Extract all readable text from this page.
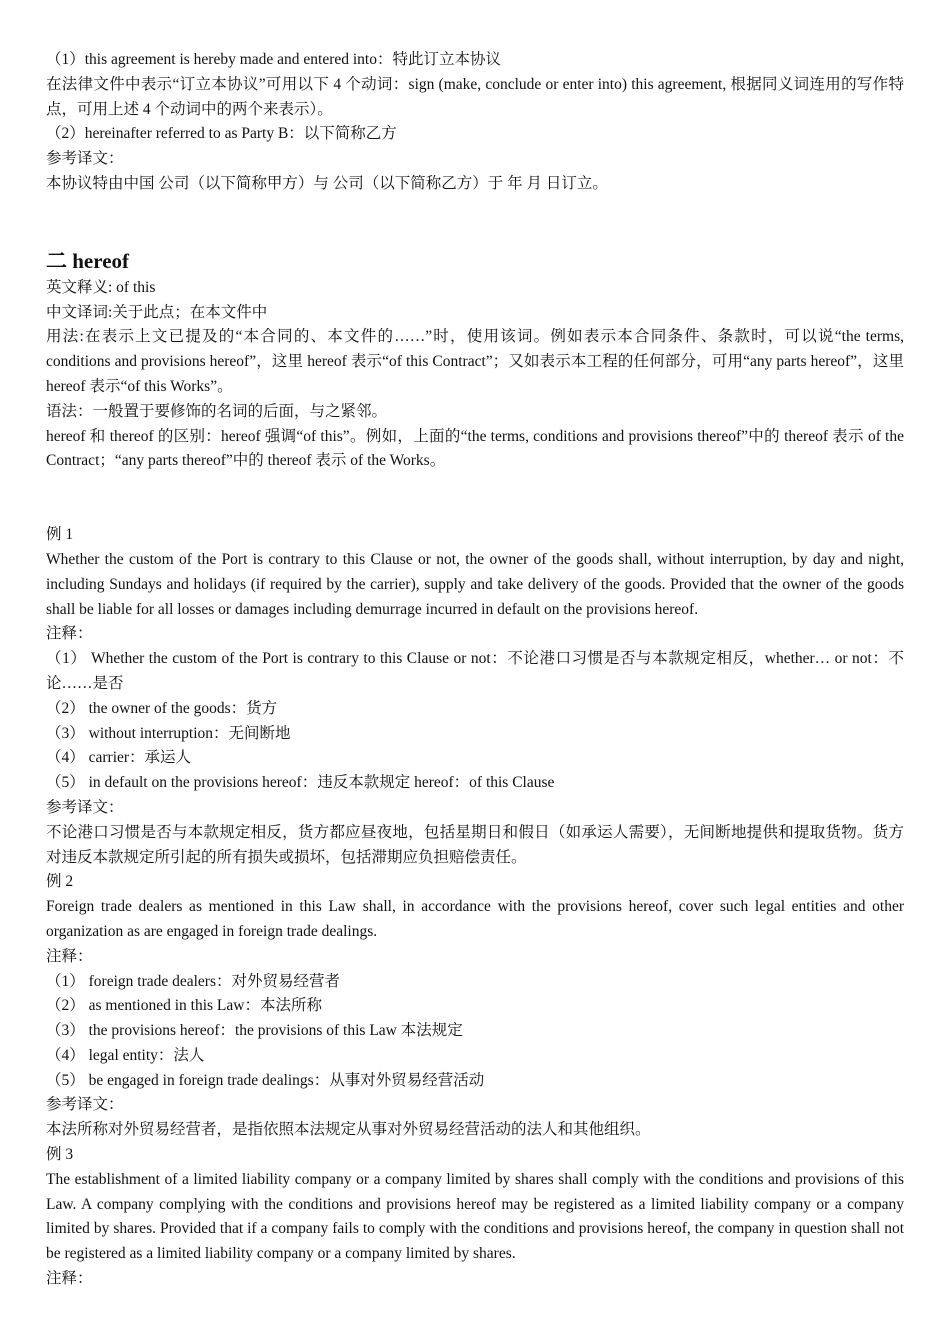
（1）this agreement is hereby made and entered into：特此订立本协议

在法律文件中表示“订立本协议”可用以下 4 个动词：sign (make, conclude or enter into) this agreement, 根据同义词连用的写作特点，可用上述 4 个动词中的两个来表示）。

（2）hereinafter referred to as Party B：以下简称乙方

参考译文：

本协议特由中国 公司（以下简称甲方）与 公司（以下简称乙方）于 年 月 日订立。

二 hereof

英文释义: of this

中文译词:关于此点；在本文件中

用法:在表示上文已提及的“本合同的、本文件的……”时，使用该词。例如表示本合同条件、条款时，可以说“the terms, conditions and provisions hereof”，这里 hereof 表示“of this Contract”；又如表示本工程的任何部分，可用“any parts hereof”，这里 hereof 表示“of this Works”。

语法：一般置于要修饰的名词的后面，与之紧邻。

hereof 和 thereof 的区别：hereof 强调“of this”。例如，上面的“the terms, conditions and provisions thereof”中的 thereof 表示 of the Contract；“any parts thereof”中的 thereof 表示 of the Works。

例 1

Whether the custom of the Port is contrary to this Clause or not, the owner of the goods shall, without interruption, by day and night, including Sundays and holidays (if required by the carrier), supply and take delivery of the goods. Provided that the owner of the goods shall be liable for all losses or damages including demurrage incurred in default on the provisions hereof.

注释：

（1） Whether the custom of the Port is contrary to this Clause or not：不论港口习惯是否与本款规定相反，whether… or not：不论……是否

（2） the owner of the goods：货方

（3） without interruption：无间断地

（4） carrier：承运人

（5） in default on the provisions hereof：违反本款规定 hereof：of this Clause

参考译文：

不论港口习惯是否与本款规定相反，货方都应昼夜地，包括星期日和假日（如承运人需要），无间断地提供和提取货物。货方对违反本款规定所引起的所有损失或损坏，包括滞期应负担赔偿责任。

例 2

Foreign trade dealers as mentioned in this Law shall, in accordance with the provisions hereof, cover such legal entities and other organization as are engaged in foreign trade dealings.

注释：

（1） foreign trade dealers：对外贸易经营者

（2） as mentioned in this Law：本法所称

（3） the provisions hereof：the provisions of this Law 本法规定

（4） legal entity：法人

（5） be engaged in foreign trade dealings：从事对外贸易经营活动

参考译文：

本法所称对外贸易经营者，是指依照本法规定从事对外贸易经营活动的法人和其他组织。

例 3

The establishment of a limited liability company or a company limited by shares shall comply with the conditions and provisions of this Law. A company complying with the conditions and provisions hereof may be registered as a limited liability company or a company limited by shares. Provided that if a company fails to comply with the conditions and provisions hereof, the company in question shall not be registered as a limited liability company or a company limited by shares.

注释：
